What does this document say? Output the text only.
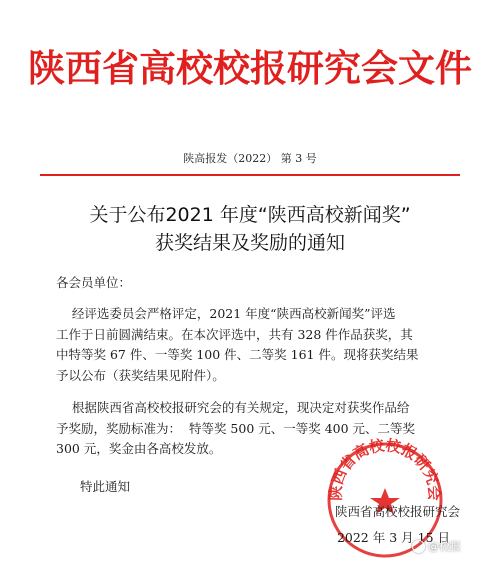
陕西省高校校报研究会文件
陕高报发（2022） 第 3 号
关于公布2021 年度“陕西高校新闻奖”
获奖结果及奖励的通知
各会员单位：
经评选委员会严格评定，2021 年度“陕西高校新闻奖”评选
工作于日前圆满结束。在本次评选中，共有 328 件作品获奖，其
中特等奖 67 件、一等奖 100 件、二等奖 161 件。现将获奖结果
予以公布（获奖结果见附件）。
根据陕西省高校校报研究会的有关规定，现决定对获奖作品给
予奖励，奖励标准为：  特等奖 500 元、一等奖 400 元、二等奖
300 元，奖金由各高校发放。
特此通知	陕西省高校校报研究会
陕西省高校校报研究会
2022 年 3 月 15 日
@校报
